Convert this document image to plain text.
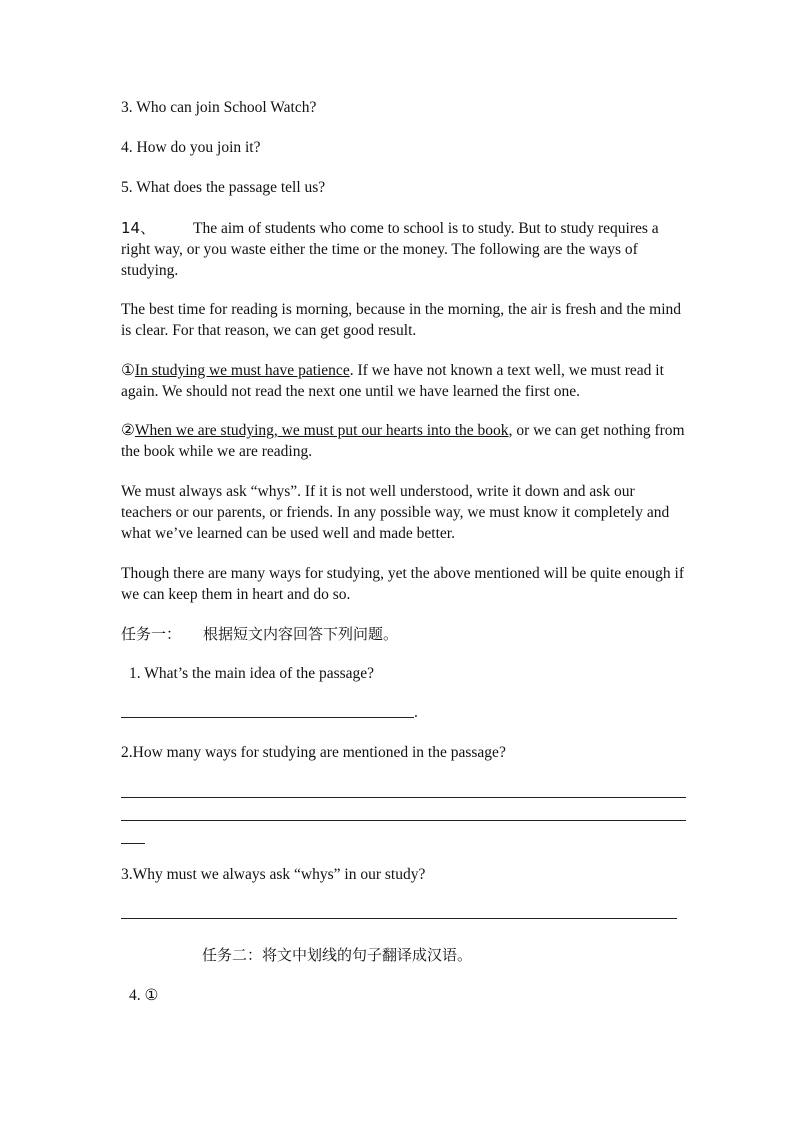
3. Who can join School Watch?
4. How do you join it?
5. What does the passage tell us?
14、 The aim of students who come to school is to study. But to study requires a right way, or you waste either the time or the money. The following are the ways of studying.
The best time for reading is morning, because in the morning, the air is fresh and the mind is clear. For that reason, we can get good result.
①In studying we must have patience. If we have not known a text well, we must read it again. We should not read the next one until we have learned the first one.
②When we are studying, we must put our hearts into the book, or we can get nothing from the book while we are reading.
We must always ask “whys”. If it is not well understood, write it down and ask our teachers or our parents, or friends. In any possible way, we must know it completely and what we’ve learned can be used well and made better.
Though there are many ways for studying, yet the above mentioned will be quite enough if we can keep them in heart and do so.
任务一： 根据短文内容回答下列问题。
1. What’s the main idea of the passage?
.
2.How many ways for studying are mentioned in the passage?
3.Why must we always ask “whys” in our study?
任务二：将文中划线的句子翻译成汉语。
4. ①
